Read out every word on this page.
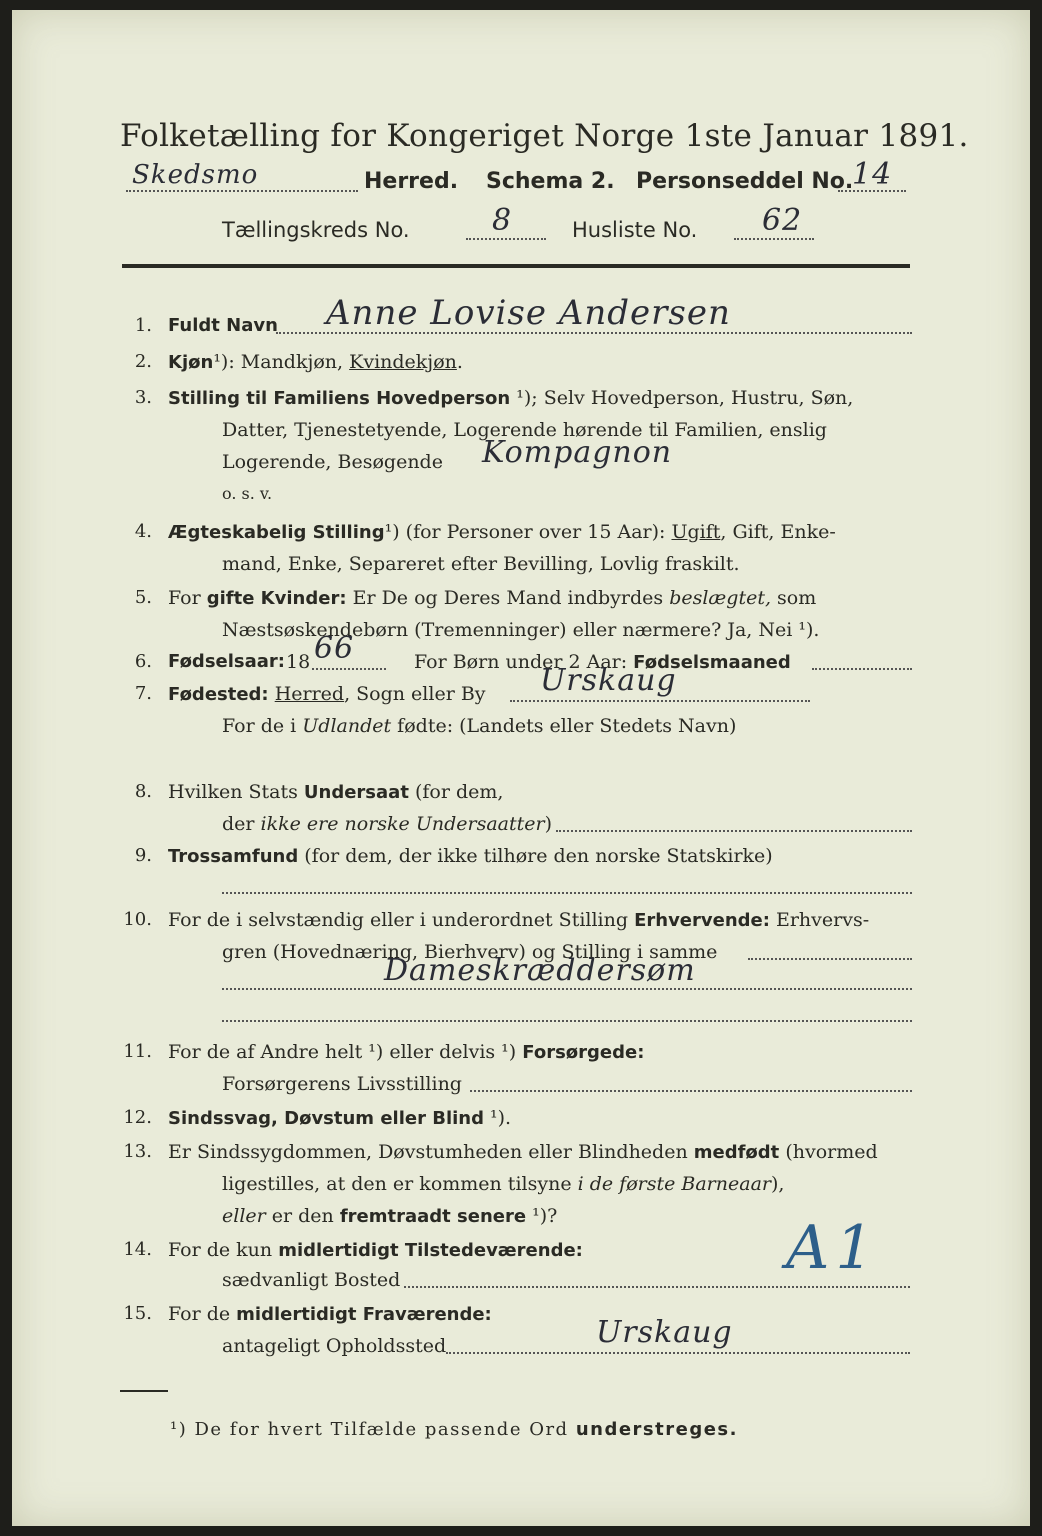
Folketælling for Kongeriget Norge 1ste Januar 1891.
Skedsmo	Herred. Schema 2. Personseddel No.
14
Tællingskreds No.	8	Husliste No. 62
1. Fuldt Navn Anne Lovise Andersen
2. Kjøn¹): Mandkjøn, Kvindekjøn.
3. Stilling til Familiens Hovedperson ¹); Selv Hovedperson, Hustru, Søn,
Datter, Tjenestetyende, Logerende hørende til Familien, enslig
Logerende, Besøgende Kompagnon
o. s. v.
4. Ægteskabelig Stilling¹) (for Personer over 15 Aar): Ugift, Gift, Enke-
mand, Enke, Separeret efter Bevilling, Lovlig fraskilt.
5. For gifte Kvinder: Er De og Deres Mand indbyrdes beslægtet, som
Næstsøskendebørn (Tremenninger) eller nærmere? Ja, Nei ¹).
6. Fødselsaar: 18 66	For Børn under 2 Aar: Fødselsmaaned
7. Fødested: Herred, Sogn eller By Urskaug
For de i Udlandet fødte: (Landets eller Stedets Navn)
8. Hvilken Stats Undersaat (for dem,
der ikke ere norske Undersaatter)
9. Trossamfund (for dem, der ikke tilhøre den norske Statskirke)
10. For de i selvstændig eller i underordnet Stilling Erhvervende: Erhvervs-
gren (Hovednæring, Bierhverv) og Stilling i samme
Dameskræddersøm
11. For de af Andre helt ¹) eller delvis ¹) Forsørgede:
Forsørgerens Livsstilling
12. Sindssvag, Døvstum eller Blind ¹).
13. Er Sindssygdommen, Døvstumheden eller Blindheden medfødt (hvormed
ligestilles, at den er kommen tilsyne i de første Barneaar),
eller er den fremtraadt senere ¹)?
14. For de kun midlertidigt Tilstedeværende:
sædvanligt Bosted	A1
15. For de midlertidigt Fraværende:
antageligt Opholdssted	Urskaug
¹) De for hvert Tilfælde passende Ord understreges.
